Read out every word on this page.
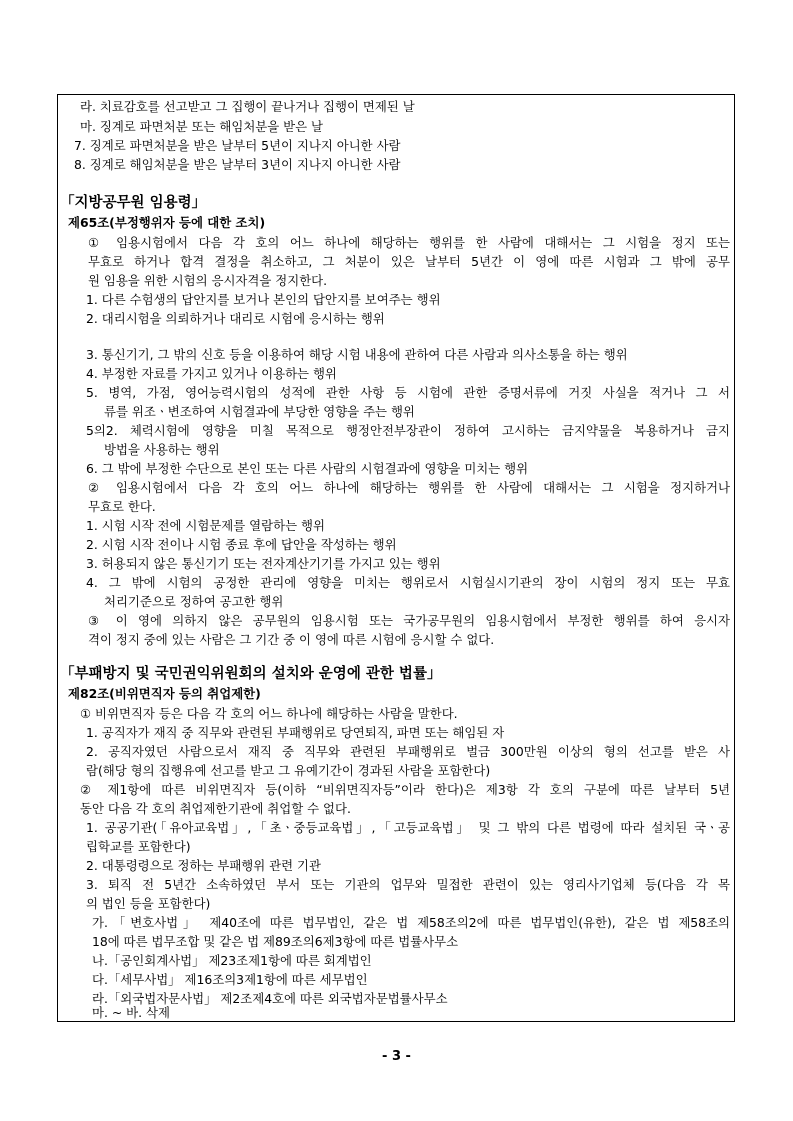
라. 치료감호를 선고받고 그 집행이 끝나거나 집행이 면제된 날
마. 징계로 파면처분 또는 해임처분을 받은 날
7. 징계로 파면처분을 받은 날부터 5년이 지나지 아니한 사람
8. 징계로 해임처분을 받은 날부터 3년이 지나지 아니한 사람
「지방공무원 임용령」
제65조(부정행위자 등에 대한 조치)
① 임용시험에서 다음 각 호의 어느 하나에 해당하는 행위를 한 사람에 대해서는 그 시험을 정지 또는
무효로 하거나 합격 결정을 취소하고, 그 처분이 있은 날부터 5년간 이 영에 따른 시험과 그 밖에 공무
원 임용을 위한 시험의 응시자격을 정지한다.
1. 다른 수험생의 답안지를 보거나 본인의 답안지를 보여주는 행위
2. 대리시험을 의뢰하거나 대리로 시험에 응시하는 행위
3. 통신기기, 그 밖의 신호 등을 이용하여 해당 시험 내용에 관하여 다른 사람과 의사소통을 하는 행위
4. 부정한 자료를 가지고 있거나 이용하는 행위
5. 병역, 가점, 영어능력시험의 성적에 관한 사항 등 시험에 관한 증명서류에 거짓 사실을 적거나 그 서
류를 위조ㆍ변조하여 시험결과에 부당한 영향을 주는 행위
5의2. 체력시험에 영향을 미칠 목적으로 행정안전부장관이 정하여 고시하는 금지약물을 복용하거나 금지
방법을 사용하는 행위
6. 그 밖에 부정한 수단으로 본인 또는 다른 사람의 시험결과에 영향을 미치는 행위
② 임용시험에서 다음 각 호의 어느 하나에 해당하는 행위를 한 사람에 대해서는 그 시험을 정지하거나
무효로 한다.
1. 시험 시작 전에 시험문제를 열람하는 행위
2. 시험 시작 전이나 시험 종료 후에 답안을 작성하는 행위
3. 허용되지 않은 통신기기 또는 전자계산기기를 가지고 있는 행위
4. 그 밖에 시험의 공정한 관리에 영향을 미치는 행위로서 시험실시기관의 장이 시험의 정지 또는 무효
처리기준으로 정하여 공고한 행위
③ 이 영에 의하지 않은 공무원의 임용시험 또는 국가공무원의 임용시험에서 부정한 행위를 하여 응시자
격이 정지 중에 있는 사람은 그 기간 중 이 영에 따른 시험에 응시할 수 없다.
「부패방지 및 국민권익위원회의 설치와 운영에 관한 법률」
제82조(비위면직자 등의 취업제한)
① 비위면직자 등은 다음 각 호의 어느 하나에 해당하는 사람을 말한다.
1. 공직자가 재직 중 직무와 관련된 부패행위로 당연퇴직, 파면 또는 해임된 자
2. 공직자였던 사람으로서 재직 중 직무와 관련된 부패행위로 벌금 300만원 이상의 형의 선고를 받은 사
람(해당 형의 집행유예 선고를 받고 그 유예기간이 경과된 사람을 포함한다)
② 제1항에 따른 비위면직자 등(이하 “비위면직자등”이라 한다)은 제3항 각 호의 구분에 따른 날부터 5년
동안 다음 각 호의 취업제한기관에 취업할 수 없다.
1. 공공기관(「유아교육법」,「초ㆍ중등교육법」,「고등교육법」 및 그 밖의 다른 법령에 따라 설치된 국ㆍ공
립학교를 포함한다)
2. 대통령령으로 정하는 부패행위 관련 기관
3. 퇴직 전 5년간 소속하였던 부서 또는 기관의 업무와 밀접한 관련이 있는 영리사기업체 등(다음 각 목
의 법인 등을 포함한다)
가.「변호사법」 제40조에 따른 법무법인, 같은 법 제58조의2에 따른 법무법인(유한), 같은 법 제58조의
18에 따른 법무조합 및 같은 법 제89조의6제3항에 따른 법률사무소
나.「공인회계사법」 제23조제1항에 따른 회계법인
다.「세무사법」 제16조의3제1항에 따른 세무법인
라.「외국법자문사법」 제2조제4호에 따른 외국법자문법률사무소
마. ~ 바. 삭제
- 3 -
